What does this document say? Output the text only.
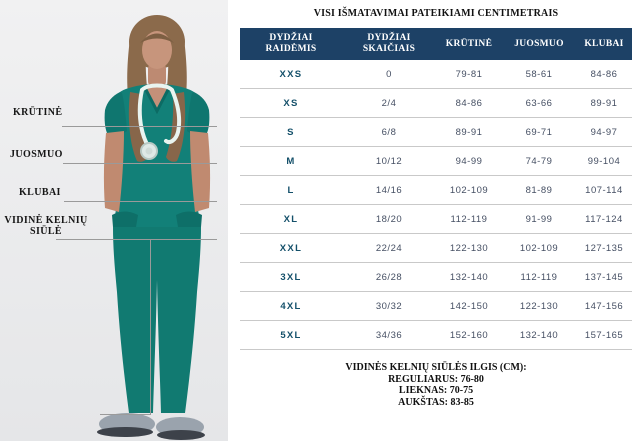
KRŪTINĖ
JUOSMUO
KLUBAI
VIDINĖ KELNIŲ SIŪLĖ
VISI IŠMATAVIMAI PATEIKIAMI CENTIMETRAIS
DYDŽIAI RAIDĖMIS	DYDŽIAI SKAIČIAIS	KRŪTINĖ	JUOSMUO	KLUBAI
XXS	0	79-81	58-61	84-86
XS	2/4	84-86	63-66	89-91
S	6/8	89-91	69-71	94-97
M	10/12	94-99	74-79	99-104
L	14/16	102-109	81-89	107-114
XL	18/20	112-119	91-99	117-124
XXL	22/24	122-130	102-109	127-135
3XL	26/28	132-140	112-119	137-145
4XL	30/32	142-150	122-130	147-156
5XL	34/36	152-160	132-140	157-165
VIDINĖS KELNIŲ SIŪLĖS ILGIS (CM):
REGULIARUS: 76-80
LIEKNAS: 70-75
AUKŠTAS: 83-85
